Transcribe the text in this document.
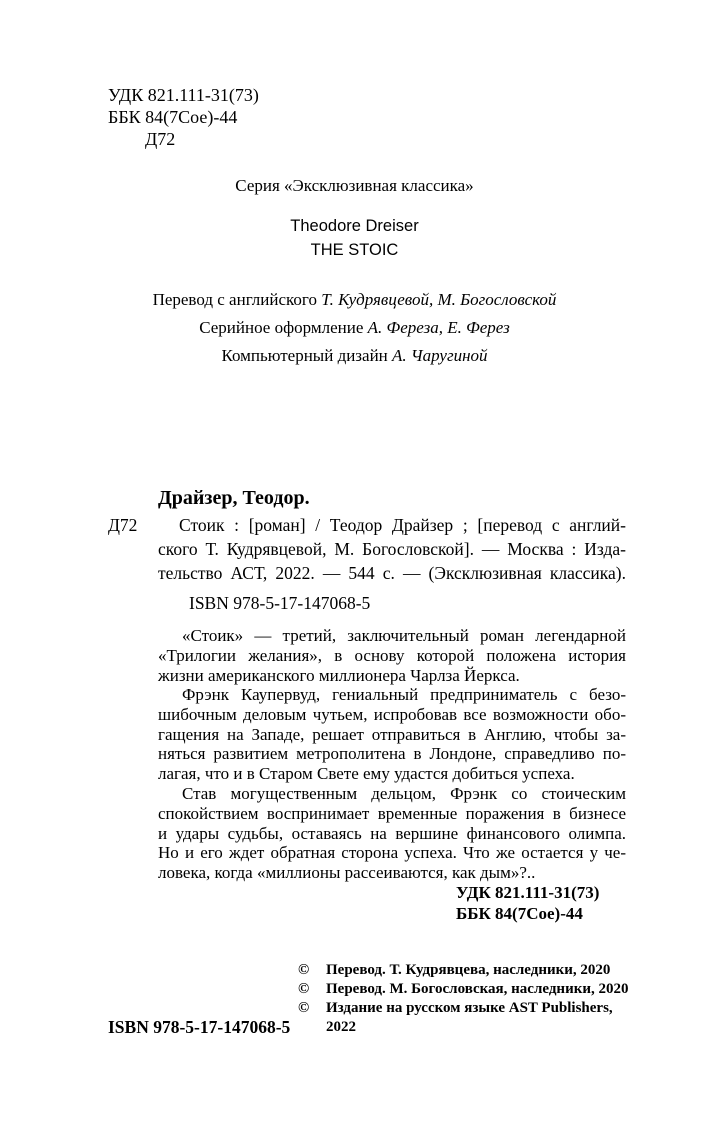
УДК 821.111-31(73)
ББК 84(7Сое)-44
Д72
Серия «Эксклюзивная классика»
Theodore Dreiser
THE STOIC
Перевод с английского Т. Кудрявцевой, М. Богословской
Серийное оформление А. Фереза, Е. Ферез
Компьютерный дизайн А. Чаругиной
Драйзер, Теодор.
Д72 Стоик : [роман] / Теодор Драйзер ; [перевод с англий-
ского Т. Кудрявцевой, М. Богословской]. — Москва : Изда-
тельство АСТ, 2022. — 544 с. — (Эксклюзивная классика).
ISBN 978-5-17-147068-5
«Стоик» — третий, заключительный роман легендарной
«Трилогии желания», в основу которой положена история
жизни американского миллионера Чарлза Йеркса.
Фрэнк Каупервуд, гениальный предприниматель с безо-
шибочным деловым чутьем, испробовав все возможности обо-
гащения на Западе, решает отправиться в Англию, чтобы за-
няться развитием метрополитена в Лондоне, справедливо по-
лагая, что и в Старом Свете ему удастся добиться успеха.
Став могущественным дельцом, Фрэнк со стоическим
спокойствием воспринимает временные поражения в бизнесе
и удары судьбы, оставаясь на вершине финансового олимпа.
Но и его ждет обратная сторона успеха. Что же остается у че-
ловека, когда «миллионы рассеиваются, как дым»?..
УДК 821.111-31(73)
ББК 84(7Сое)-44
© Перевод. Т. Кудрявцева, наследники, 2020
© Перевод. М. Богословская, наследники, 2020
© Издание на русском языке AST Publishers,
2022
ISBN 978-5-17-147068-5
